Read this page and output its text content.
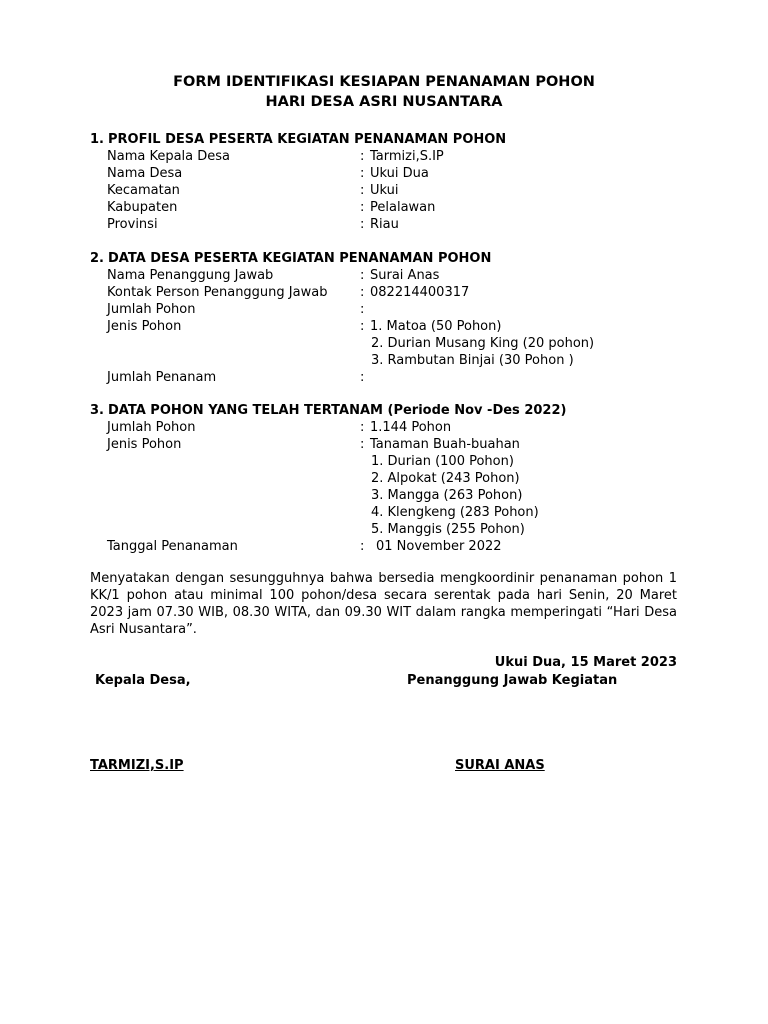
FORM IDENTIFIKASI KESIAPAN PENANAMAN POHON
HARI DESA ASRI NUSANTARA
1. PROFIL DESA PESERTA KEGIATAN PENANAMAN POHON
Nama Kepala Desa	: Tarmizi,S.IP
Nama Desa	: Ukui Dua
Kecamatan	: Ukui
Kabupaten	: Pelalawan
Provinsi	: Riau
2. DATA DESA PESERTA KEGIATAN PENANAMAN POHON
Nama Penanggung Jawab	: Surai Anas
Kontak Person Penanggung Jawab	: 082214400317
Jumlah Pohon	:
Jenis Pohon	: 1. Matoa (50 Pohon)
2. Durian Musang King (20 pohon)
3. Rambutan Binjai (30 Pohon )
Jumlah Penanam	:
3. DATA POHON YANG TELAH TERTANAM (Periode Nov -Des 2022)
Jumlah Pohon	: 1.144 Pohon
Jenis Pohon	: Tanaman Buah-buahan
1. Durian (100 Pohon)
2. Alpokat (243 Pohon)
3. Mangga (263 Pohon)
4. Klengkeng (283 Pohon)
5. Manggis (255 Pohon)
Tanggal Penanaman	: 01 November 2022
Menyatakan dengan sesungguhnya bahwa bersedia mengkoordinir penanaman pohon 1 KK/1 pohon atau minimal 100 pohon/desa secara serentak pada hari Senin, 20 Maret 2023 jam 07.30 WIB, 08.30 WITA, dan 09.30 WIT dalam rangka memperingati “Hari Desa Asri Nusantara”.
Ukui Dua, 15 Maret 2023
Kepala Desa,	Penanggung Jawab Kegiatan
TARMIZI,S.IP	SURAI ANAS
